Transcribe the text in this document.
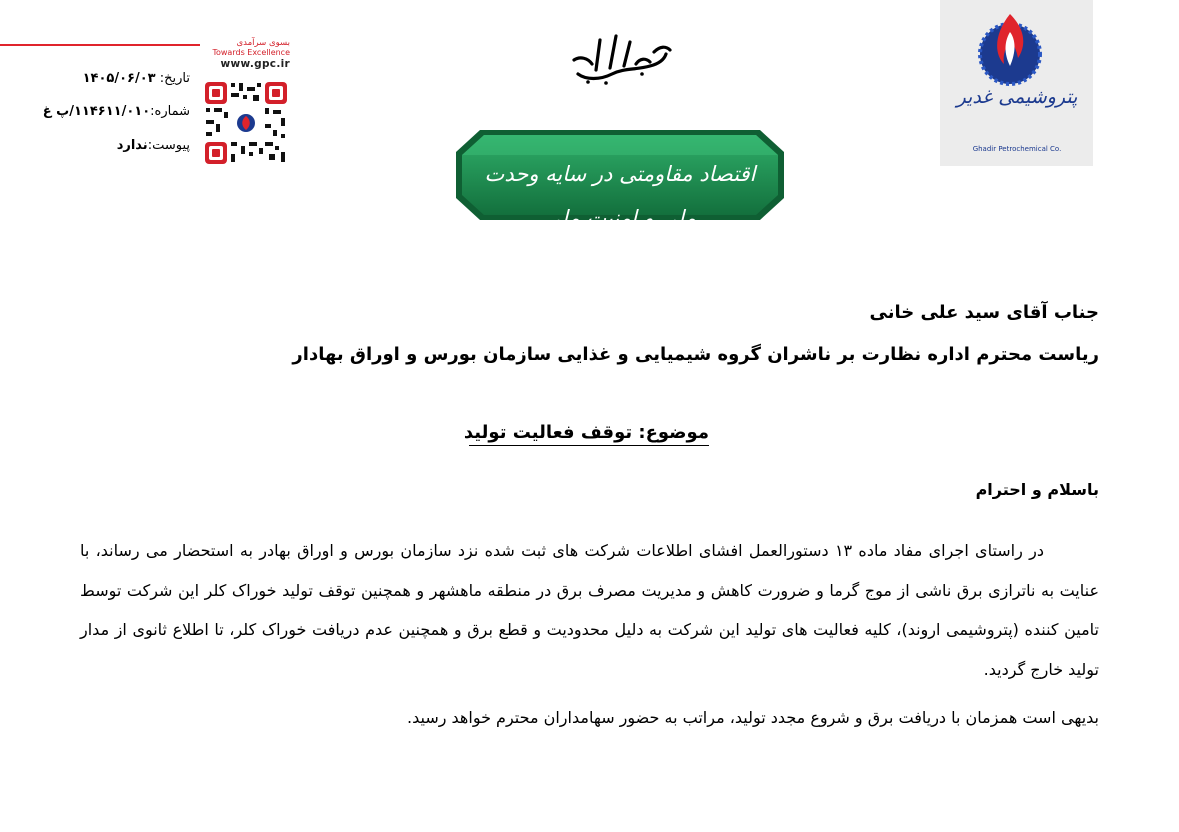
بسوی سرآمدی
Towards Excellence
www.gpc.ir
تاریخ: ۱۴۰۵/۰۶/۰۳
شماره:۱۱۴۶۱۱/۰۱۰/پ غ
پیوست:ندارد
اقتصاد مقاومتی در سایه وحدت ملی و امنیت ملی
پتروشیمی غدیر
Ghadir Petrochemical Co.
جناب آقای سید علی خانی
ریاست محترم اداره نظارت بر ناشران گروه شیمیایی و غذایی سازمان بورس و اوراق بهادار
موضوع: توقف فعالیت تولید
باسلام و احترام
در راستای اجرای مفاد ماده ۱۳ دستورالعمل افشای اطلاعات شرکت های ثبت شده نزد سازمان بورس و اوراق بهادر به استحضار می رساند، با عنایت به ناترازی برق ناشی از موج گرما و ضرورت کاهش و مدیریت مصرف برق در منطقه ماهشهر و همچنین توقف تولید خوراک کلر این شرکت توسط تامین کننده (پتروشیمی اروند)، کلیه فعالیت های تولید این شرکت به دلیل محدودیت و قطع برق و همچنین عدم دریافت خوراک کلر، تا اطلاع ثانوی از مدار تولید خارج گردید.
بدیهی است همزمان با دریافت برق و شروع مجدد تولید، مراتب به حضور سهامداران محترم خواهد رسید.
